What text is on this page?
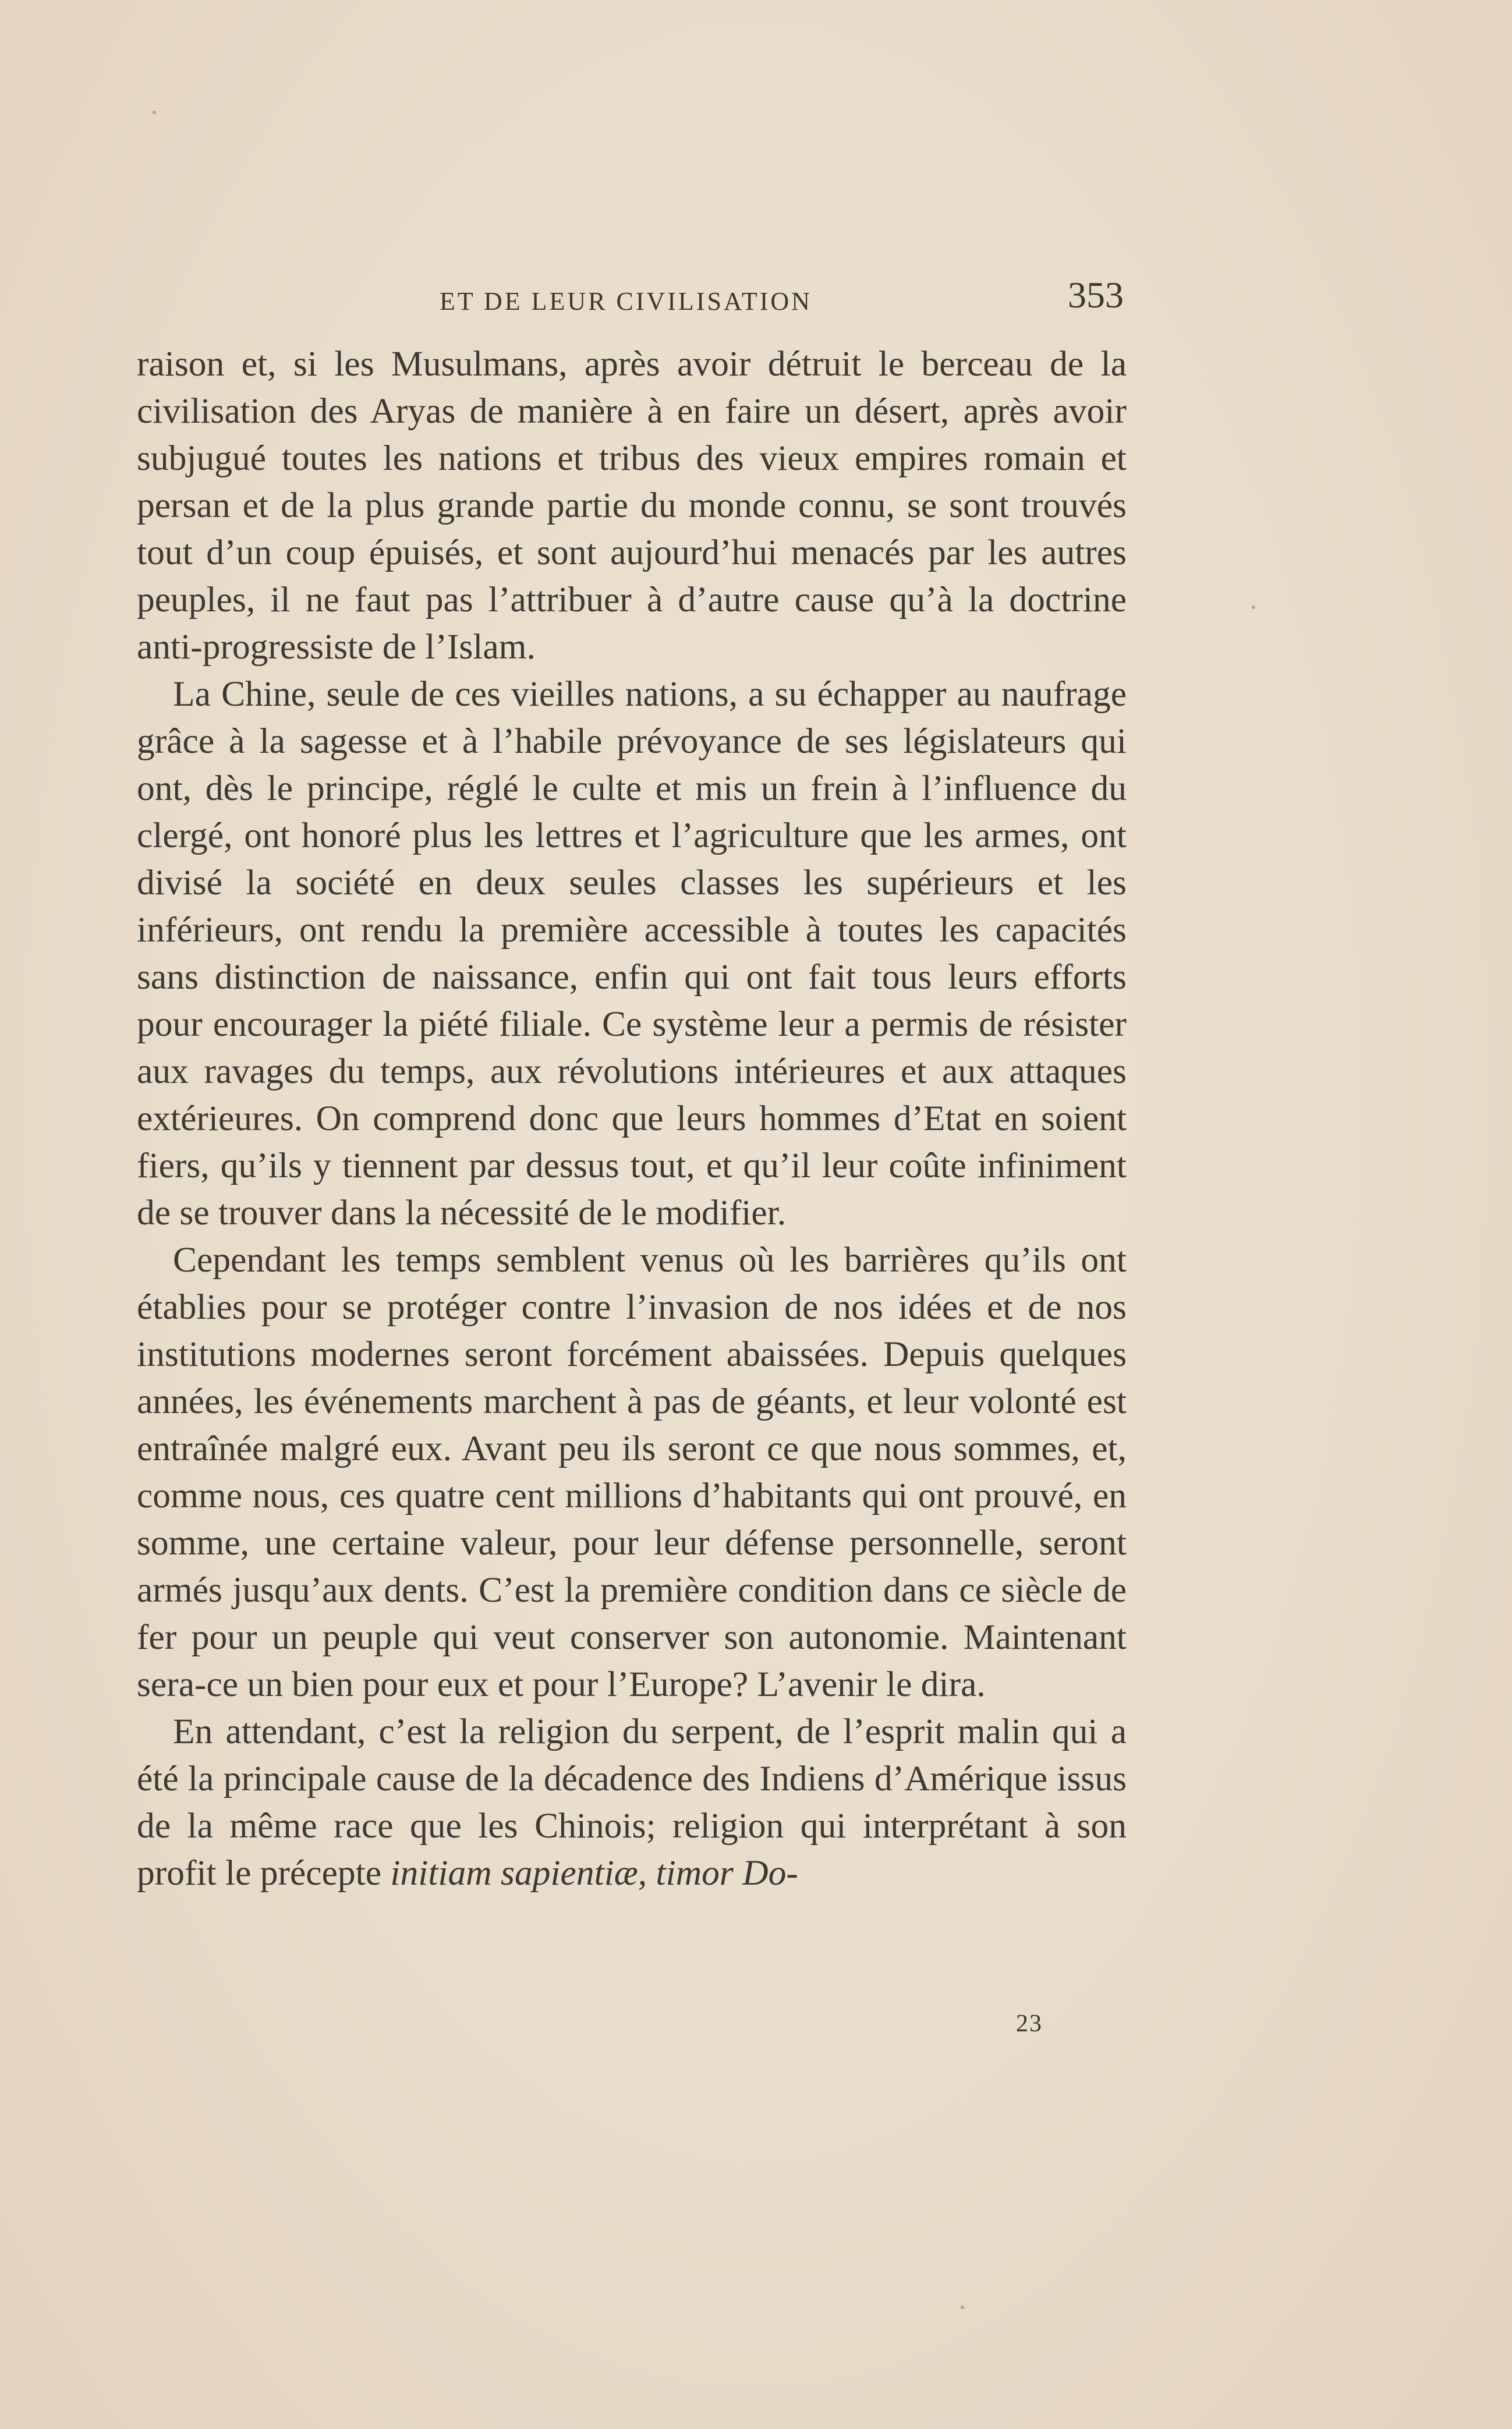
ET DE LEUR CIVILISATION	353

raison et, si les Musulmans, après avoir détruit le berceau de la civilisation des Aryas de manière à en faire un désert, après avoir subjugué toutes les nations et tribus des vieux empires romain et persan et de la plus grande partie du monde connu, se sont trouvés tout d’un coup épuisés, et sont aujourd’hui menacés par les autres peuples, il ne faut pas l’attribuer à d’autre cause qu’à la doctrine anti-progressiste de l’Islam.

La Chine, seule de ces vieilles nations, a su échapper au naufrage grâce à la sagesse et à l’habile prévoyance de ses législateurs qui ont, dès le principe, réglé le culte et mis un frein à l’influence du clergé, ont honoré plus les lettres et l’agriculture que les armes, ont divisé la société en deux seules classes les supérieurs et les inférieurs, ont rendu la première accessible à toutes les capacités sans distinction de naissance, enfin qui ont fait tous leurs efforts pour encourager la piété filiale. Ce système leur a permis de résister aux ravages du temps, aux révolutions intérieures et aux attaques extérieures. On comprend donc que leurs hommes d’Etat en soient fiers, qu’ils y tiennent par dessus tout, et qu’il leur coûte infiniment de se trouver dans la nécessité de le modifier.

Cependant les temps semblent venus où les barrières qu’ils ont établies pour se protéger contre l’invasion de nos idées et de nos institutions modernes seront forcément abaissées. Depuis quelques années, les événements marchent à pas de géants, et leur volonté est entraînée malgré eux. Avant peu ils seront ce que nous sommes, et, comme nous, ces quatre cent millions d’habitants qui ont prouvé, en somme, une certaine valeur, pour leur défense personnelle, seront armés jusqu’aux dents. C’est la première condition dans ce siècle de fer pour un peuple qui veut conserver son autonomie. Maintenant sera-ce un bien pour eux et pour l’Europe? L’avenir le dira.

En attendant, c’est la religion du serpent, de l’esprit malin qui a été la principale cause de la décadence des Indiens d’Amérique issus de la même race que les Chinois; religion qui interprétant à son profit le précepte initiam sapientiæ, timor Do-

23
